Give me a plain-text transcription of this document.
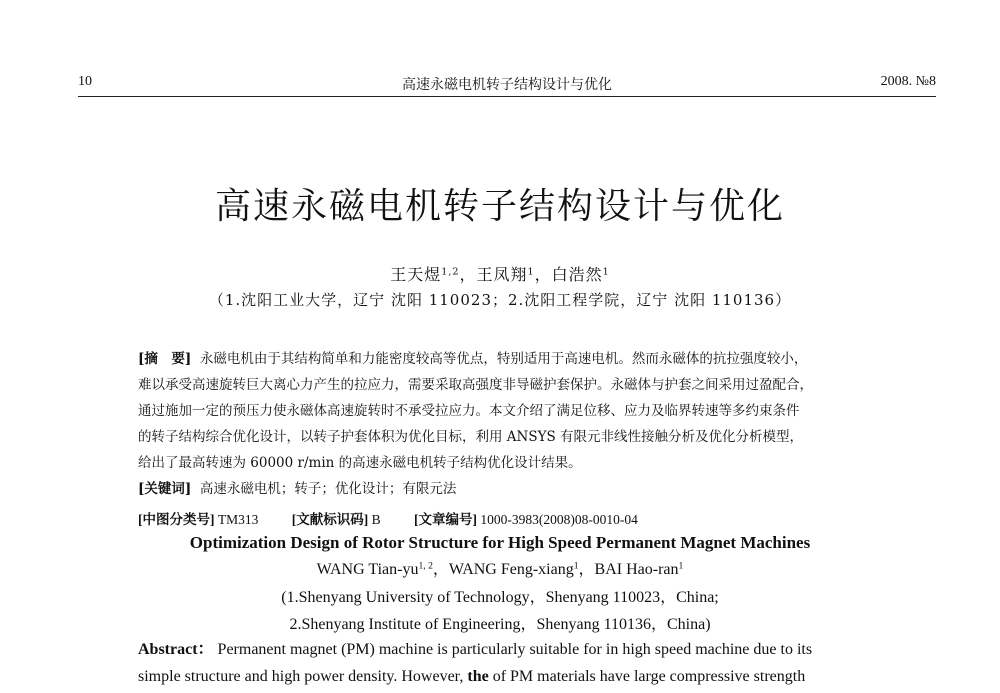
10	高速永磁电机转子结构设计与优化	2008. №8
高速永磁电机转子结构设计与优化
王天煜$^{1,2}$，王凤翔$^1$，白浩然$^1$
（1.沈阳工业大学，辽宁 沈阳 110023；2.沈阳工程学院，辽宁 沈阳 110136）

[摘　要] 永磁电机由于其结构简单和力能密度较高等优点，特别适用于高速电机。然而永磁体的抗拉强度较小，

难以承受高速旋转巨大离心力产生的拉应力，需要采取高强度非导磁护套保护。永磁体与护套之间采用过盈配合，

通过施加一定的预压力使永磁体高速旋转时不承受拉应力。本文介绍了满足位移、应力及临界转速等多约束条件

的转子结构综合优化设计，以转子护套体积为优化目标，利用 ANSYS 有限元非线性接触分析及优化分析模型，

给出了最高转速为 60000 r/min 的高速永磁电机转子结构优化设计结果。

[关键词] 高速永磁电机；转子；优化设计；有限元法

[中图分类号] TM313 [文献标识码] B [文章编号] 1000-3983(2008)08-0010-04
Optimization Design of Rotor Structure for High Speed Permanent Magnet Machines
WANG Tian-yu$^{1, 2}$，WANG Feng-xiang$^1$，BAI Hao-ran$^1$
(1.Shenyang University of Technology，Shenyang 110023，China;
2.Shenyang Institute of Engineering，Shenyang 110136，China)

Abstract： Permanent magnet (PM) machine is particularly suitable for in high speed machine due to its

simple structure and high power density. However, the of PM materials have large compressive strength
